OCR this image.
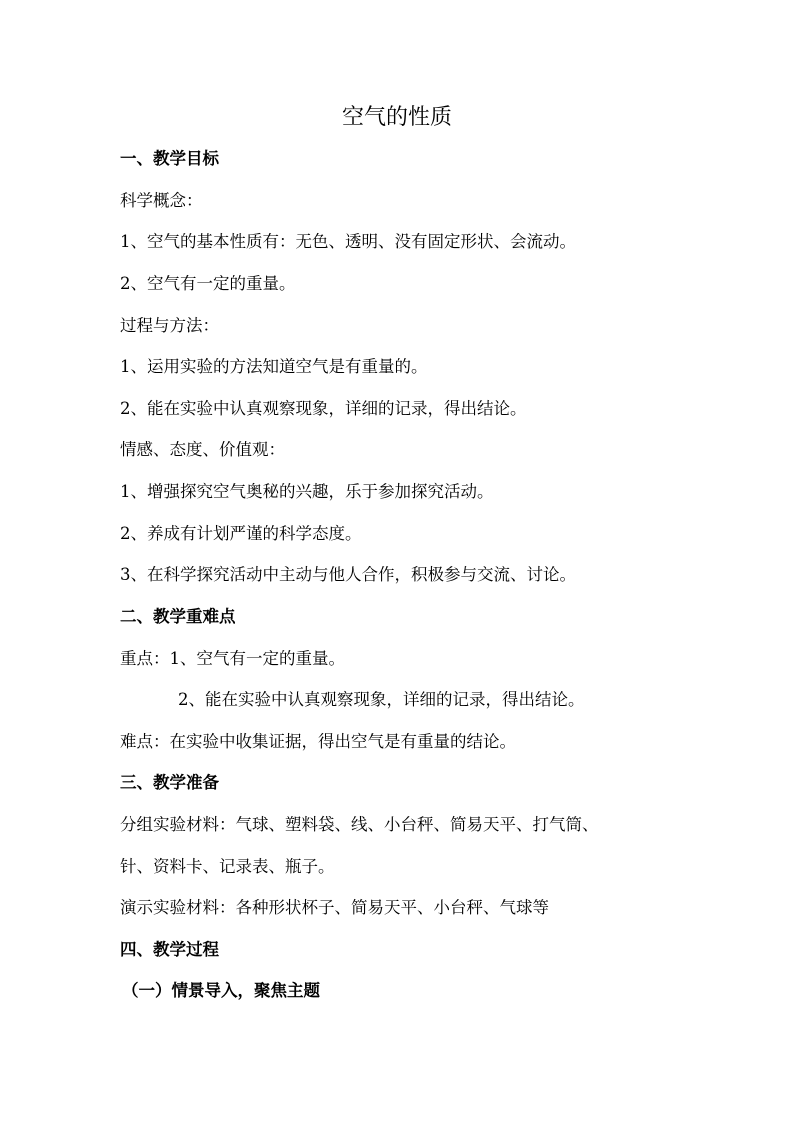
空气的性质
一、教学目标
科学概念：
1、空气的基本性质有：无色、透明、没有固定形状、会流动。
2、空气有一定的重量。
过程与方法：
1、运用实验的方法知道空气是有重量的。
2、能在实验中认真观察现象，详细的记录，得出结论。
情感、态度、价值观：
1、增强探究空气奥秘的兴趣，乐于参加探究活动。
2、养成有计划严谨的科学态度。
3、在科学探究活动中主动与他人合作，积极参与交流、讨论。
二、教学重难点
重点：1、空气有一定的重量。
2、能在实验中认真观察现象，详细的记录，得出结论。
难点：在实验中收集证据，得出空气是有重量的结论。
三、教学准备
分组实验材料：气球、塑料袋、线、小台秤、简易天平、打气筒、
针、资料卡、记录表、瓶子。
演示实验材料：各种形状杯子、简易天平、小台秤、气球等
四、教学过程
（一）情景导入，聚焦主题
